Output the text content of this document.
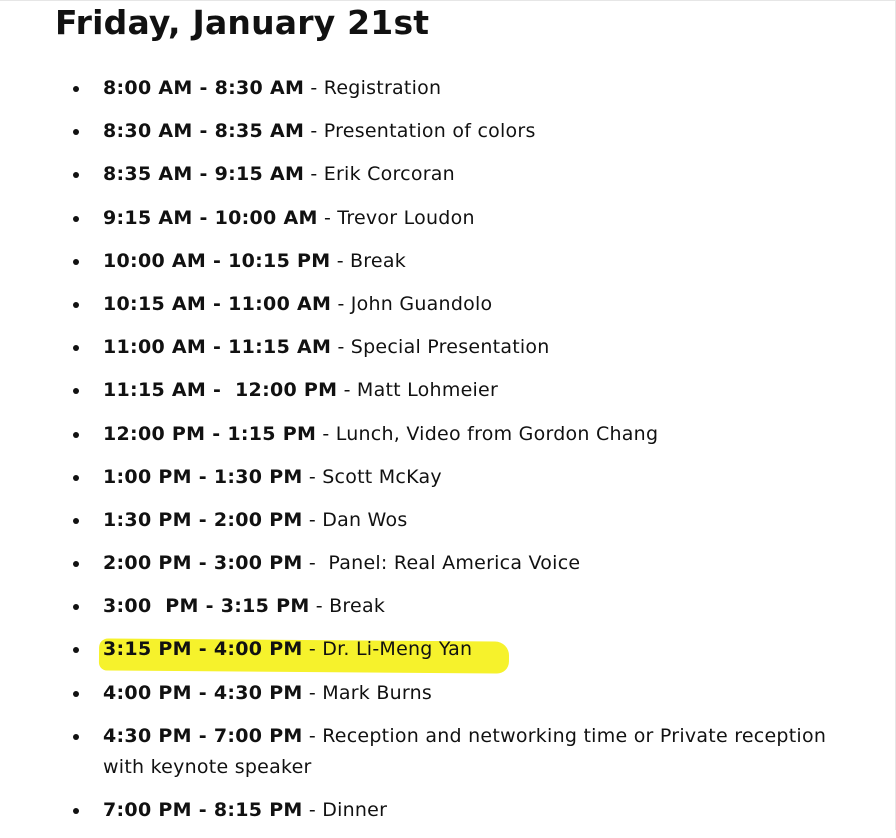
Friday, January 21st
8:00 AM - 8:30 AM - Registration
8:30 AM - 8:35 AM - Presentation of colors
8:35 AM - 9:15 AM - Erik Corcoran
9:15 AM - 10:00 AM - Trevor Loudon
10:00 AM - 10:15 PM - Break
10:15 AM - 11:00 AM - John Guandolo
11:00 AM - 11:15 AM - Special Presentation
11:15 AM -  12:00 PM - Matt Lohmeier
12:00 PM - 1:15 PM - Lunch, Video from Gordon Chang
1:00 PM - 1:30 PM - Scott McKay
1:30 PM - 2:00 PM - Dan Wos
2:00 PM - 3:00 PM -  Panel: Real America Voice
3:00  PM - 3:15 PM - Break
3:15 PM - 4:00 PM - Dr. Li-Meng Yan
4:00 PM - 4:30 PM - Mark Burns
4:30 PM - 7:00 PM - Reception and networking time or Private reception with keynote speaker
7:00 PM - 8:15 PM - Dinner
